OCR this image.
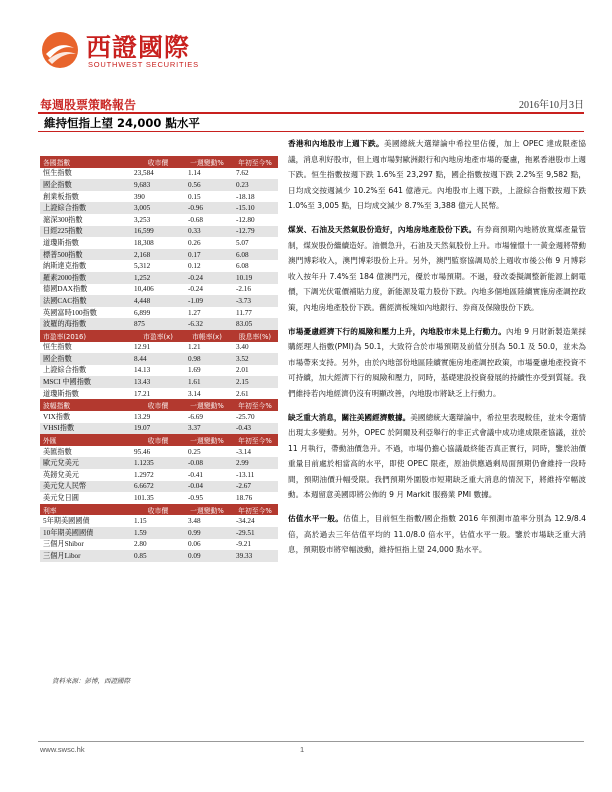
西證國際
SOUTHWEST SECURITIES
每週股票策略報告	2016年10月3日
維持恒指上望 24,000 點水平
各國指數	收市價	一週變動%	年初至今%
恒生指數	23,584	1.14	7.62
國企指數	9,683	0.56	0.23
創業板指數	390	0.15	-18.18
上證綜合指數	3,005	-0.96	-15.10
滬深300指數	3,253	-0.68	-12.80
日經225指數	16,599	0.33	-12.79
道瓊斯指數	18,308	0.26	5.07
標普500指數	2,168	0.17	6.08
納斯達克指數	5,312	0.12	6.08
羅素2000指數	1,252	-0.24	10.19
德國DAX指數	10,406	-0.24	-2.16
法國CAC指數	4,448	-1.09	-3.73
英國富時100指數	6,899	1.27	11.77
波羅的海指數	875	-6.32	83.05
市盈率(2016)	市盈率(x)	市帳率(x)	股息率(%)
恒生指數	12.91	1.21	3.40
國企指數	8.44	0.98	3.52
上證綜合指數	14.13	1.69	2.01
MSCI 中國指數	13.43	1.61	2.15
道瓊斯指數	17.21	3.14	2.61
波幅指數	收市價	一週變動%	年初至今%
VIX指數	13.29	-6.69	-25.70
VHSI指數	19.07	3.37	-0.43
外匯	收市價	一週變動%	年初至今%
美匯指數	95.46	0.25	-3.14
歐元兌美元	1.1235	-0.08	2.99
英鎊兌美元	1.2972	-0.41	-13.11
美元兌人民幣	6.6672	-0.04	-2.67
美元兌日圓	101.35	-0.95	18.76
利率	收市價	一週變動%	年初至今%
5年期美國國債	1.15	3.48	-34.24
10年期美國國債	1.59	0.99	-29.51
三個月Shibor	2.80	0.06	-9.21
三個月Libor	0.85	0.09	39.33
資料來源：彭博，西證國際
香港和內地股市上週下跌。美國總統大選辯論中希拉里佔優，加上 OPEC 達成限產協議，消息利好股市，但上週市場對歐洲銀行和內地房地產市場的憂慮，拖累香港股市上週下跌。恒生指數按週下跌 1.6%至 23,297 點，國企指數按週下跌 2.2%至 9,582 點，日均成交按週減少 10.2%至 641 億港元。內地股市上週下跌，上證綜合指數按週下跌 1.0%至 3,005 點，日均成交減少 8.7%至 3,388 億元人民幣。
煤炭、石油及天然氣股份造好，內地房地產股份下跌。有券商預期內地將放寬煤產量管制，煤炭股份繼續造好。油價急升，石油及天然氣股份上升。市場憧憬十一黃金週將帶動澳門博彩收入，澳門博彩股份上升。另外，澳門監察協調局於上週收市後公佈 9 月博彩收入按年升 7.4%至 184 億澳門元，優於市場預期。不過，發改委擬調整新能源上網電價，下調光伏電價補貼力度，新能源及電力股份下跌。內地多個地區陸續實施房產調控政策，內地房地產股份下跌。舊經濟板塊如內地銀行、券商及保險股份下跌。
市場憂慮經濟下行的風險和壓力上升，內地股市未見上行動力。內地 9 月財新製造業採購經理人指數(PMI)為 50.1，大致符合於市場預期及前值分別為 50.1 及 50.0，並未為市場帶來支持。另外，由於內地部份地區陸續實施房地產調控政策，市場憂慮地產投資不可持續，加大經濟下行的風險和壓力，同時，基礎建設投資發展的持續性亦受到質疑。我們維持若內地經濟仍沒有明顯改善，內地股市將缺乏上行動力。
缺乏重大消息，關注美國經濟數據。美國總統大選辯論中，希拉里表現較佳，並未令選情出現太多變動。另外，OPEC 於阿爾及利亞舉行的非正式會議中成功達成限產協議，並於 11 月執行，帶動油價急升。不過，市場仍擔心協議最終能否真正實行，同時，鑒於油價重量目前處於相當高的水平，即使 OPEC 限產，原油供應過剩局面預期仍會維持一段時間，預期油價升幅受限。我們預期外圍股市短期缺乏重大消息的情況下，將維持窄幅波動。本週留意美國即將公佈的 9 月 Markit 服務業 PMI 數據。
估值水平一般。估值上，目前恒生指數/國企指數 2016 年預測市盈率分別為 12.9/8.4 倍，高於過去三年估值平均的 11.0/8.0 倍水平，估值水平一般。鑒於市場缺乏重大消息，預期股市將窄幅波動，維持恒指上望 24,000 點水平。
www.swsc.hk	1
